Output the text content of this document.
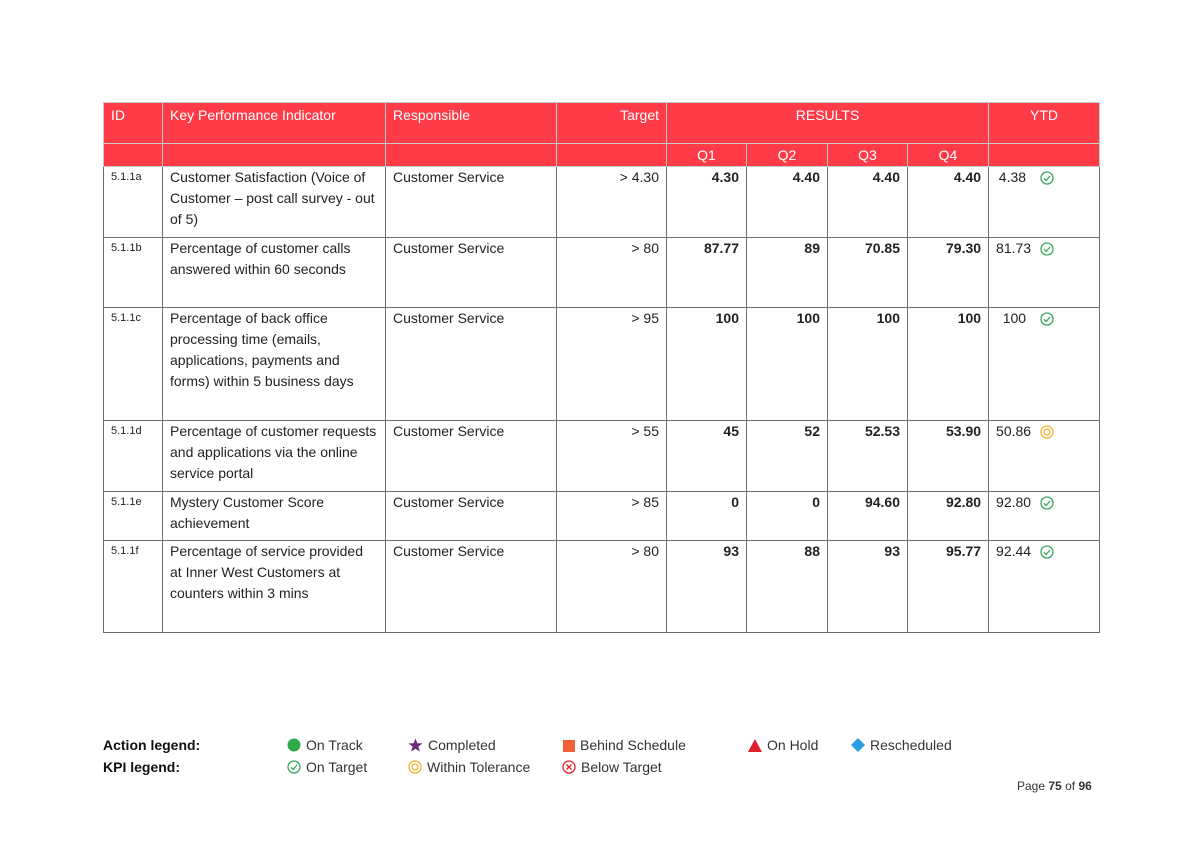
ID	Key Performance Indicator	Responsible	Target	RESULTS				YTD
				Q1	Q2	Q3	Q4	
5.1.1a	Customer Satisfaction (Voice of Customer – post call survey - out of 5)	Customer Service	> 4.30	4.30	4.40	4.40	4.40	4.38
5.1.1b	Percentage of customer calls answered within 60 seconds	Customer Service	> 80	87.77	89	70.85	79.30	81.73
5.1.1c	Percentage of back office processing time (emails, applications, payments and forms) within 5 business days	Customer Service	> 95	100	100	100	100	100
5.1.1d	Percentage of customer requests and applications via the online service portal	Customer Service	> 55	45	52	52.53	53.90	50.86
5.1.1e	Mystery Customer Score achievement	Customer Service	> 85	0	0	94.60	92.80	92.80
5.1.1f	Percentage of service provided at Inner West Customers at counters within 3 mins	Customer Service	> 80	93	88	93	95.77	92.44
Action legend:
KPI legend:
On Track	Completed	Behind Schedule	On Hold	Rescheduled
On Target	Within Tolerance	Below Target
Page 75 of 96
